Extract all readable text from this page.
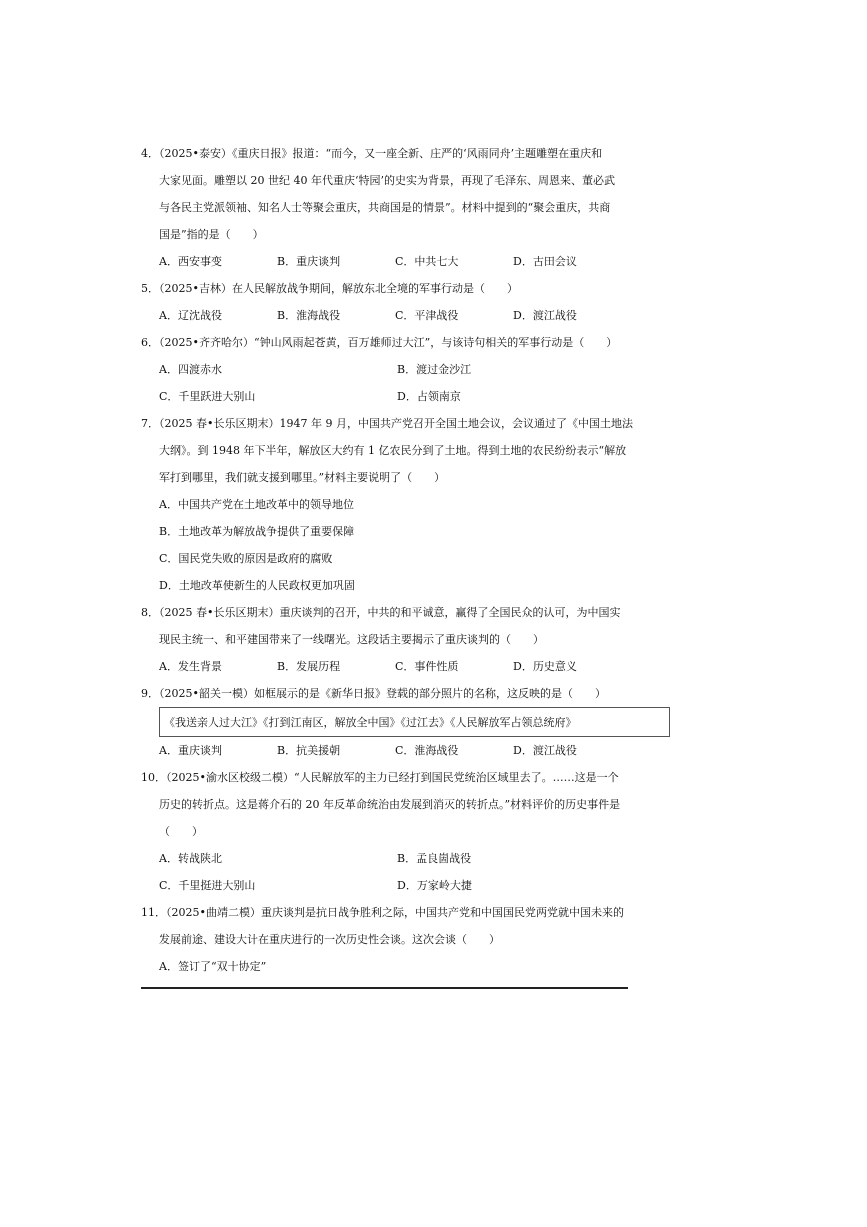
4．（2025•泰安）《重庆日报》报道：“而今，又一座全新、庄严的‘风雨同舟’主题雕塑在重庆和
大家见面。雕塑以 20 世纪 40 年代重庆‘特园’的史实为背景，再现了毛泽东、周恩来、董必武
与各民主党派领袖、知名人士等聚会重庆，共商国是的情景”。材料中提到的“聚会重庆，共商
国是”指的是（　　）
A．西安事变	B．重庆谈判	C．中共七大	D．古田会议
5．（2025•吉林）在人民解放战争期间，解放东北全境的军事行动是（　　）
A．辽沈战役	B．淮海战役	C．平津战役	D．渡江战役
6．（2025•齐齐哈尔）“钟山风雨起苍黄，百万雄师过大江”，与该诗句相关的军事行动是（　　）
A．四渡赤水	B．渡过金沙江
C．千里跃进大别山	D．占领南京
7．（2025 春•长乐区期末）1947 年 9 月，中国共产党召开全国土地会议，会议通过了《中国土地法
大纲》。到 1948 年下半年，解放区大约有 1 亿农民分到了土地。得到土地的农民纷纷表示“解放
军打到哪里，我们就支援到哪里。”材料主要说明了（　　）
A．中国共产党在土地改革中的领导地位
B．土地改革为解放战争提供了重要保障
C．国民党失败的原因是政府的腐败
D．土地改革使新生的人民政权更加巩固
8．（2025 春•长乐区期末）重庆谈判的召开，中共的和平诚意，赢得了全国民众的认可，为中国实
现民主统一、和平建国带来了一线曙光。这段话主要揭示了重庆谈判的（　　）
A．发生背景	B．发展历程	C．事件性质	D．历史意义
9．（2025•韶关一模）如框展示的是《新华日报》登载的部分照片的名称，这反映的是（　　）
《我送亲人过大江》《打到江南区，解放全中国》《过江去》《人民解放军占领总统府》
A．重庆谈判	B．抗美援朝	C．淮海战役	D．渡江战役
10．（2025•渝水区校级二模）“人民解放军的主力已经打到国民党统治区域里去了。……这是一个
历史的转折点。这是蒋介石的 20 年反革命统治由发展到消灭的转折点。”材料评价的历史事件是
（　　）
A．转战陕北	B．孟良崮战役
C．千里挺进大别山	D．万家岭大捷
11．（2025•曲靖二模）重庆谈判是抗日战争胜利之际，中国共产党和中国国民党两党就中国未来的
发展前途、建设大计在重庆进行的一次历史性会谈。这次会谈（　　）
A．签订了“双十协定”
